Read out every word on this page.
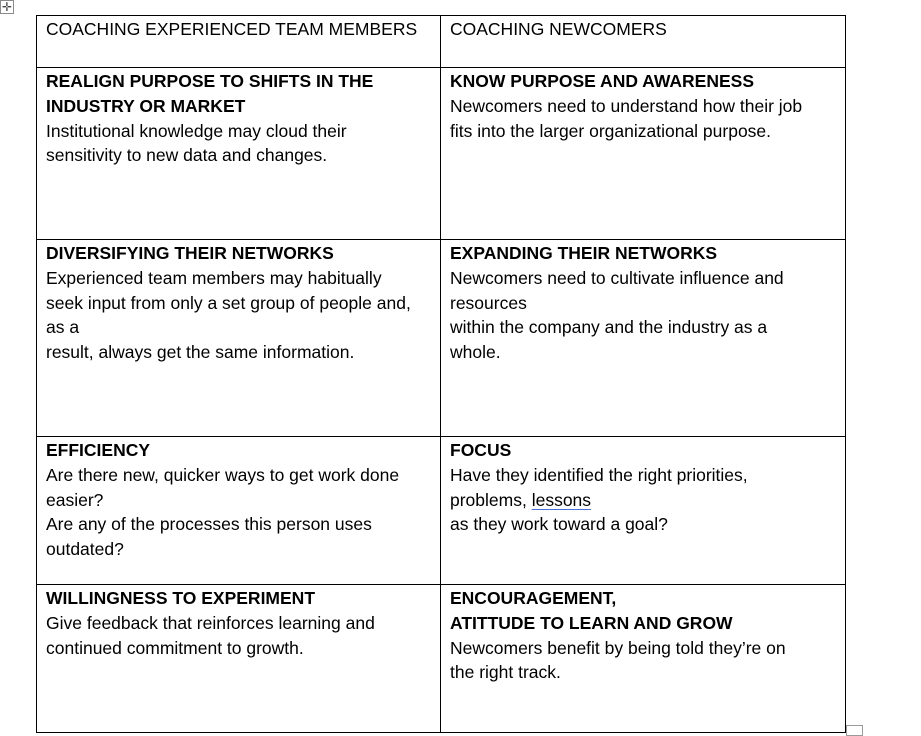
✛
COACHING EXPERIENCED TEAM MEMBERS	COACHING NEWCOMERS

REALIGN PURPOSE TO SHIFTS IN THE
INDUSTRY OR MARKET
Institutional knowledge may cloud their
sensitivity to new data and changes.	KNOW PURPOSE AND AWARENESS
Newcomers need to understand how their job
fits into the larger organizational purpose.

DIVERSIFYING THEIR NETWORKS
Experienced team members may habitually
seek input from only a set group of people and,
as a
result, always get the same information.	EXPANDING THEIR NETWORKS
Newcomers need to cultivate influence and
resources
within the company and the industry as a
whole.

EFFICIENCY
Are there new, quicker ways to get work done
easier?
Are any of the processes this person uses
outdated?	FOCUS
Have they identified the right priorities,
problems, lessons
as they work toward a goal?

WILLINGNESS TO EXPERIMENT
Give feedback that reinforces learning and
continued commitment to growth.	ENCOURAGEMENT,
ATITTUDE TO LEARN AND GROW
Newcomers benefit by being told they’re on
the right track.
